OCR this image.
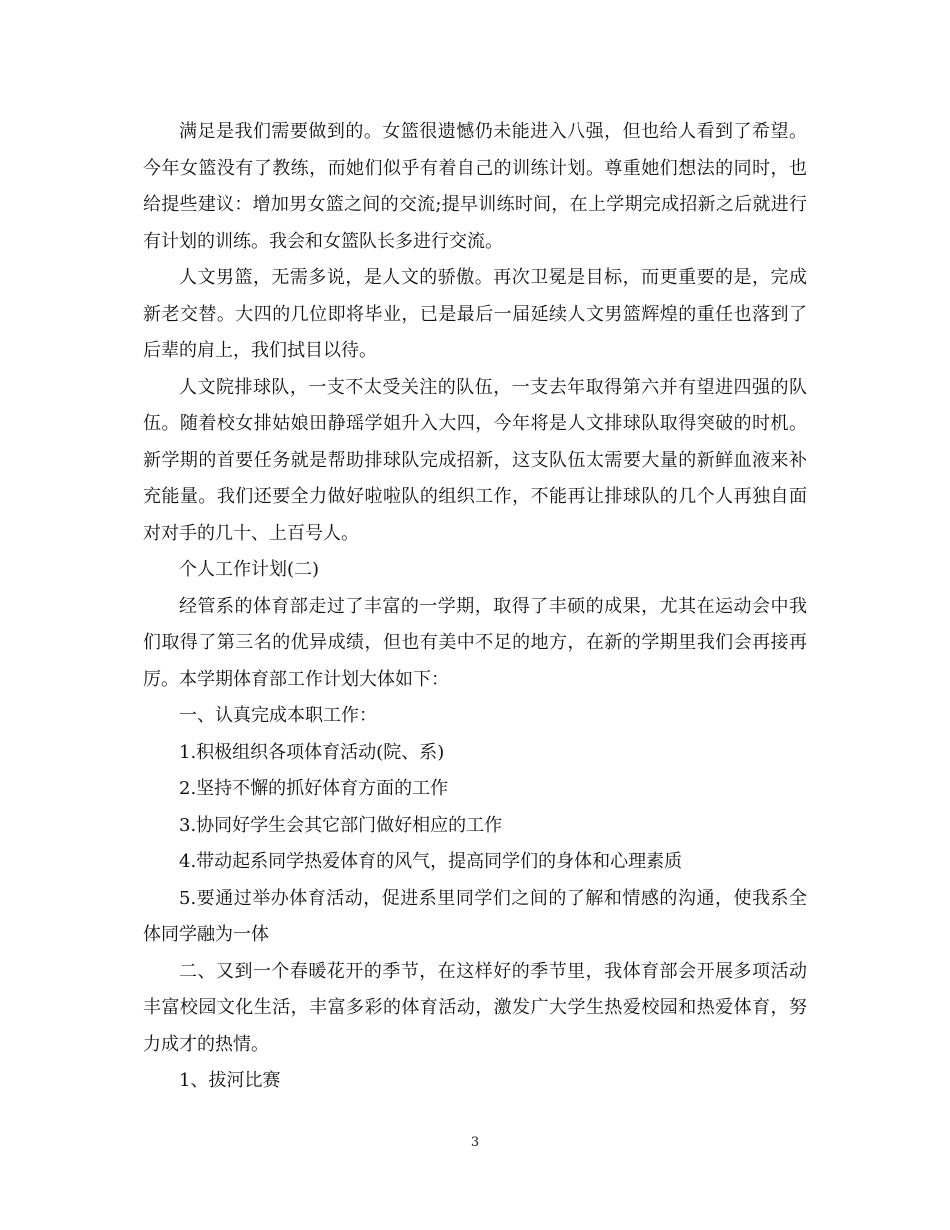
满足是我们需要做到的。女篮很遗憾仍未能进入八强，但也给人看到了希望。今年女篮没有了教练，而她们似乎有着自己的训练计划。尊重她们想法的同时，也给提些建议：增加男女篮之间的交流;提早训练时间，在上学期完成招新之后就进行有计划的训练。我会和女篮队长多进行交流。

人文男篮，无需多说，是人文的骄傲。再次卫冕是目标，而更重要的是，完成新老交替。大四的几位即将毕业，已是最后一届延续人文男篮辉煌的重任也落到了后辈的肩上，我们拭目以待。

人文院排球队，一支不太受关注的队伍，一支去年取得第六并有望进四强的队伍。随着校女排姑娘田静瑶学姐升入大四，今年将是人文排球队取得突破的时机。新学期的首要任务就是帮助排球队完成招新，这支队伍太需要大量的新鲜血液来补充能量。我们还要全力做好啦啦队的组织工作，不能再让排球队的几个人再独自面对对手的几十、上百号人。

个人工作计划(二)

经管系的体育部走过了丰富的一学期，取得了丰硕的成果，尤其在运动会中我们取得了第三名的优异成绩，但也有美中不足的地方，在新的学期里我们会再接再厉。本学期体育部工作计划大体如下：

一、认真完成本职工作：

1.积极组织各项体育活动(院、系)

2.坚持不懈的抓好体育方面的工作

3.协同好学生会其它部门做好相应的工作

4.带动起系同学热爱体育的风气，提高同学们的身体和心理素质

5.要通过举办体育活动，促进系里同学们之间的了解和情感的沟通，使我系全体同学融为一体

二、又到一个春暖花开的季节，在这样好的季节里，我体育部会开展多项活动丰富校园文化生活，丰富多彩的体育活动，激发广大学生热爱校园和热爱体育，努力成才的热情。

1、拔河比赛

3
